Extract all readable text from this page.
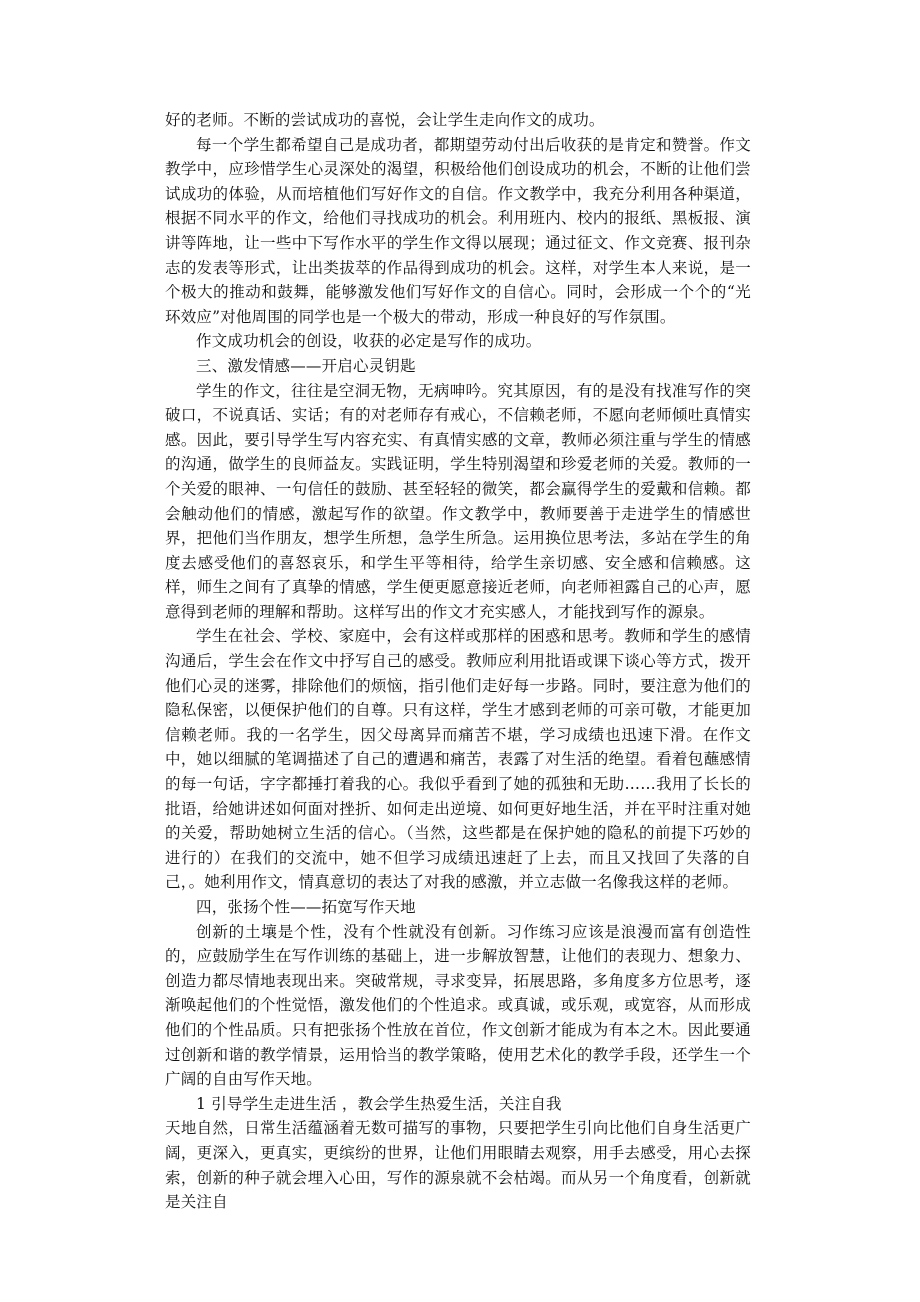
好的老师。不断的尝试成功的喜悦，会让学生走向作文的成功。

每一个学生都希望自己是成功者，都期望劳动付出后收获的是肯定和赞誉。作文教学中，应珍惜学生心灵深处的渴望，积极给他们创设成功的机会，不断的让他们尝试成功的体验，从而培植他们写好作文的自信。作文教学中，我充分利用各种渠道，根据不同水平的作文，给他们寻找成功的机会。利用班内、校内的报纸、黑板报、演讲等阵地，让一些中下写作水平的学生作文得以展现；通过征文、作文竞赛、报刊杂志的发表等形式，让出类拔萃的作品得到成功的机会。这样，对学生本人来说，是一个极大的推动和鼓舞，能够激发他们写好作文的自信心。同时，会形成一个个的“光环效应”对他周围的同学也是一个极大的带动，形成一种良好的写作氛围。

作文成功机会的创设，收获的必定是写作的成功。

三、激发情感——开启心灵钥匙

学生的作文，往往是空洞无物，无病呻吟。究其原因，有的是没有找准写作的突破口，不说真话、实话；有的对老师存有戒心，不信赖老师，不愿向老师倾吐真情实感。因此，要引导学生写内容充实、有真情实感的文章，教师必须注重与学生的情感的沟通，做学生的良师益友。实践证明，学生特别渴望和珍爱老师的关爱。教师的一个关爱的眼神、一句信任的鼓励、甚至轻轻的微笑，都会赢得学生的爱戴和信赖。都会触动他们的情感，激起写作的欲望。作文教学中，教师要善于走进学生的情感世界，把他们当作朋友，想学生所想，急学生所急。运用换位思考法，多站在学生的角度去感受他们的喜怒哀乐，和学生平等相待，给学生亲切感、安全感和信赖感。这样，师生之间有了真挚的情感，学生便更愿意接近老师，向老师袒露自己的心声，愿意得到老师的理解和帮助。这样写出的作文才充实感人，才能找到写作的源泉。

学生在社会、学校、家庭中，会有这样或那样的困惑和思考。教师和学生的感情沟通后，学生会在作文中抒写自己的感受。教师应利用批语或课下谈心等方式，拨开他们心灵的迷雾，排除他们的烦恼，指引他们走好每一步路。同时，要注意为他们的隐私保密，以便保护他们的自尊。只有这样，学生才感到老师的可亲可敬，才能更加信赖老师。我的一名学生，因父母离异而痛苦不堪，学习成绩也迅速下滑。在作文中，她以细腻的笔调描述了自己的遭遇和痛苦，表露了对生活的绝望。看着包蘸感情的每一句话，字字都捶打着我的心。我似乎看到了她的孤独和无助……我用了长长的批语，给她讲述如何面对挫折、如何走出逆境、如何更好地生活，并在平时注重对她的关爱，帮助她树立生活的信心。（当然，这些都是在保护她的隐私的前提下巧妙的进行的）在我们的交流中，她不但学习成绩迅速赶了上去，而且又找回了失落的自己，。她利用作文，情真意切的表达了对我的感激，并立志做一名像我这样的老师。

四，张扬个性——拓宽写作天地

创新的土壤是个性，没有个性就没有创新。习作练习应该是浪漫而富有创造性的，应鼓励学生在写作训练的基础上，进一步解放智慧，让他们的表现力、想象力、创造力都尽情地表现出来。突破常规，寻求变异，拓展思路，多角度多方位思考，逐渐唤起他们的个性觉悟，激发他们的个性追求。或真诚，或乐观，或宽容，从而形成他们的个性品质。只有把张扬个性放在首位，作文创新才能成为有本之木。因此要通过创新和谐的教学情景，运用恰当的教学策略，使用艺术化的教学手段，还学生一个广阔的自由写作天地。

1 引导学生走进生活 ，教会学生热爱生活，关注自我

天地自然，日常生活蕴涵着无数可描写的事物，只要把学生引向比他们自身生活更广阔，更深入，更真实，更缤纷的世界，让他们用眼睛去观察，用手去感受，用心去探索，创新的种子就会埋入心田，写作的源泉就不会枯竭。而从另一个角度看，创新就是关注自
